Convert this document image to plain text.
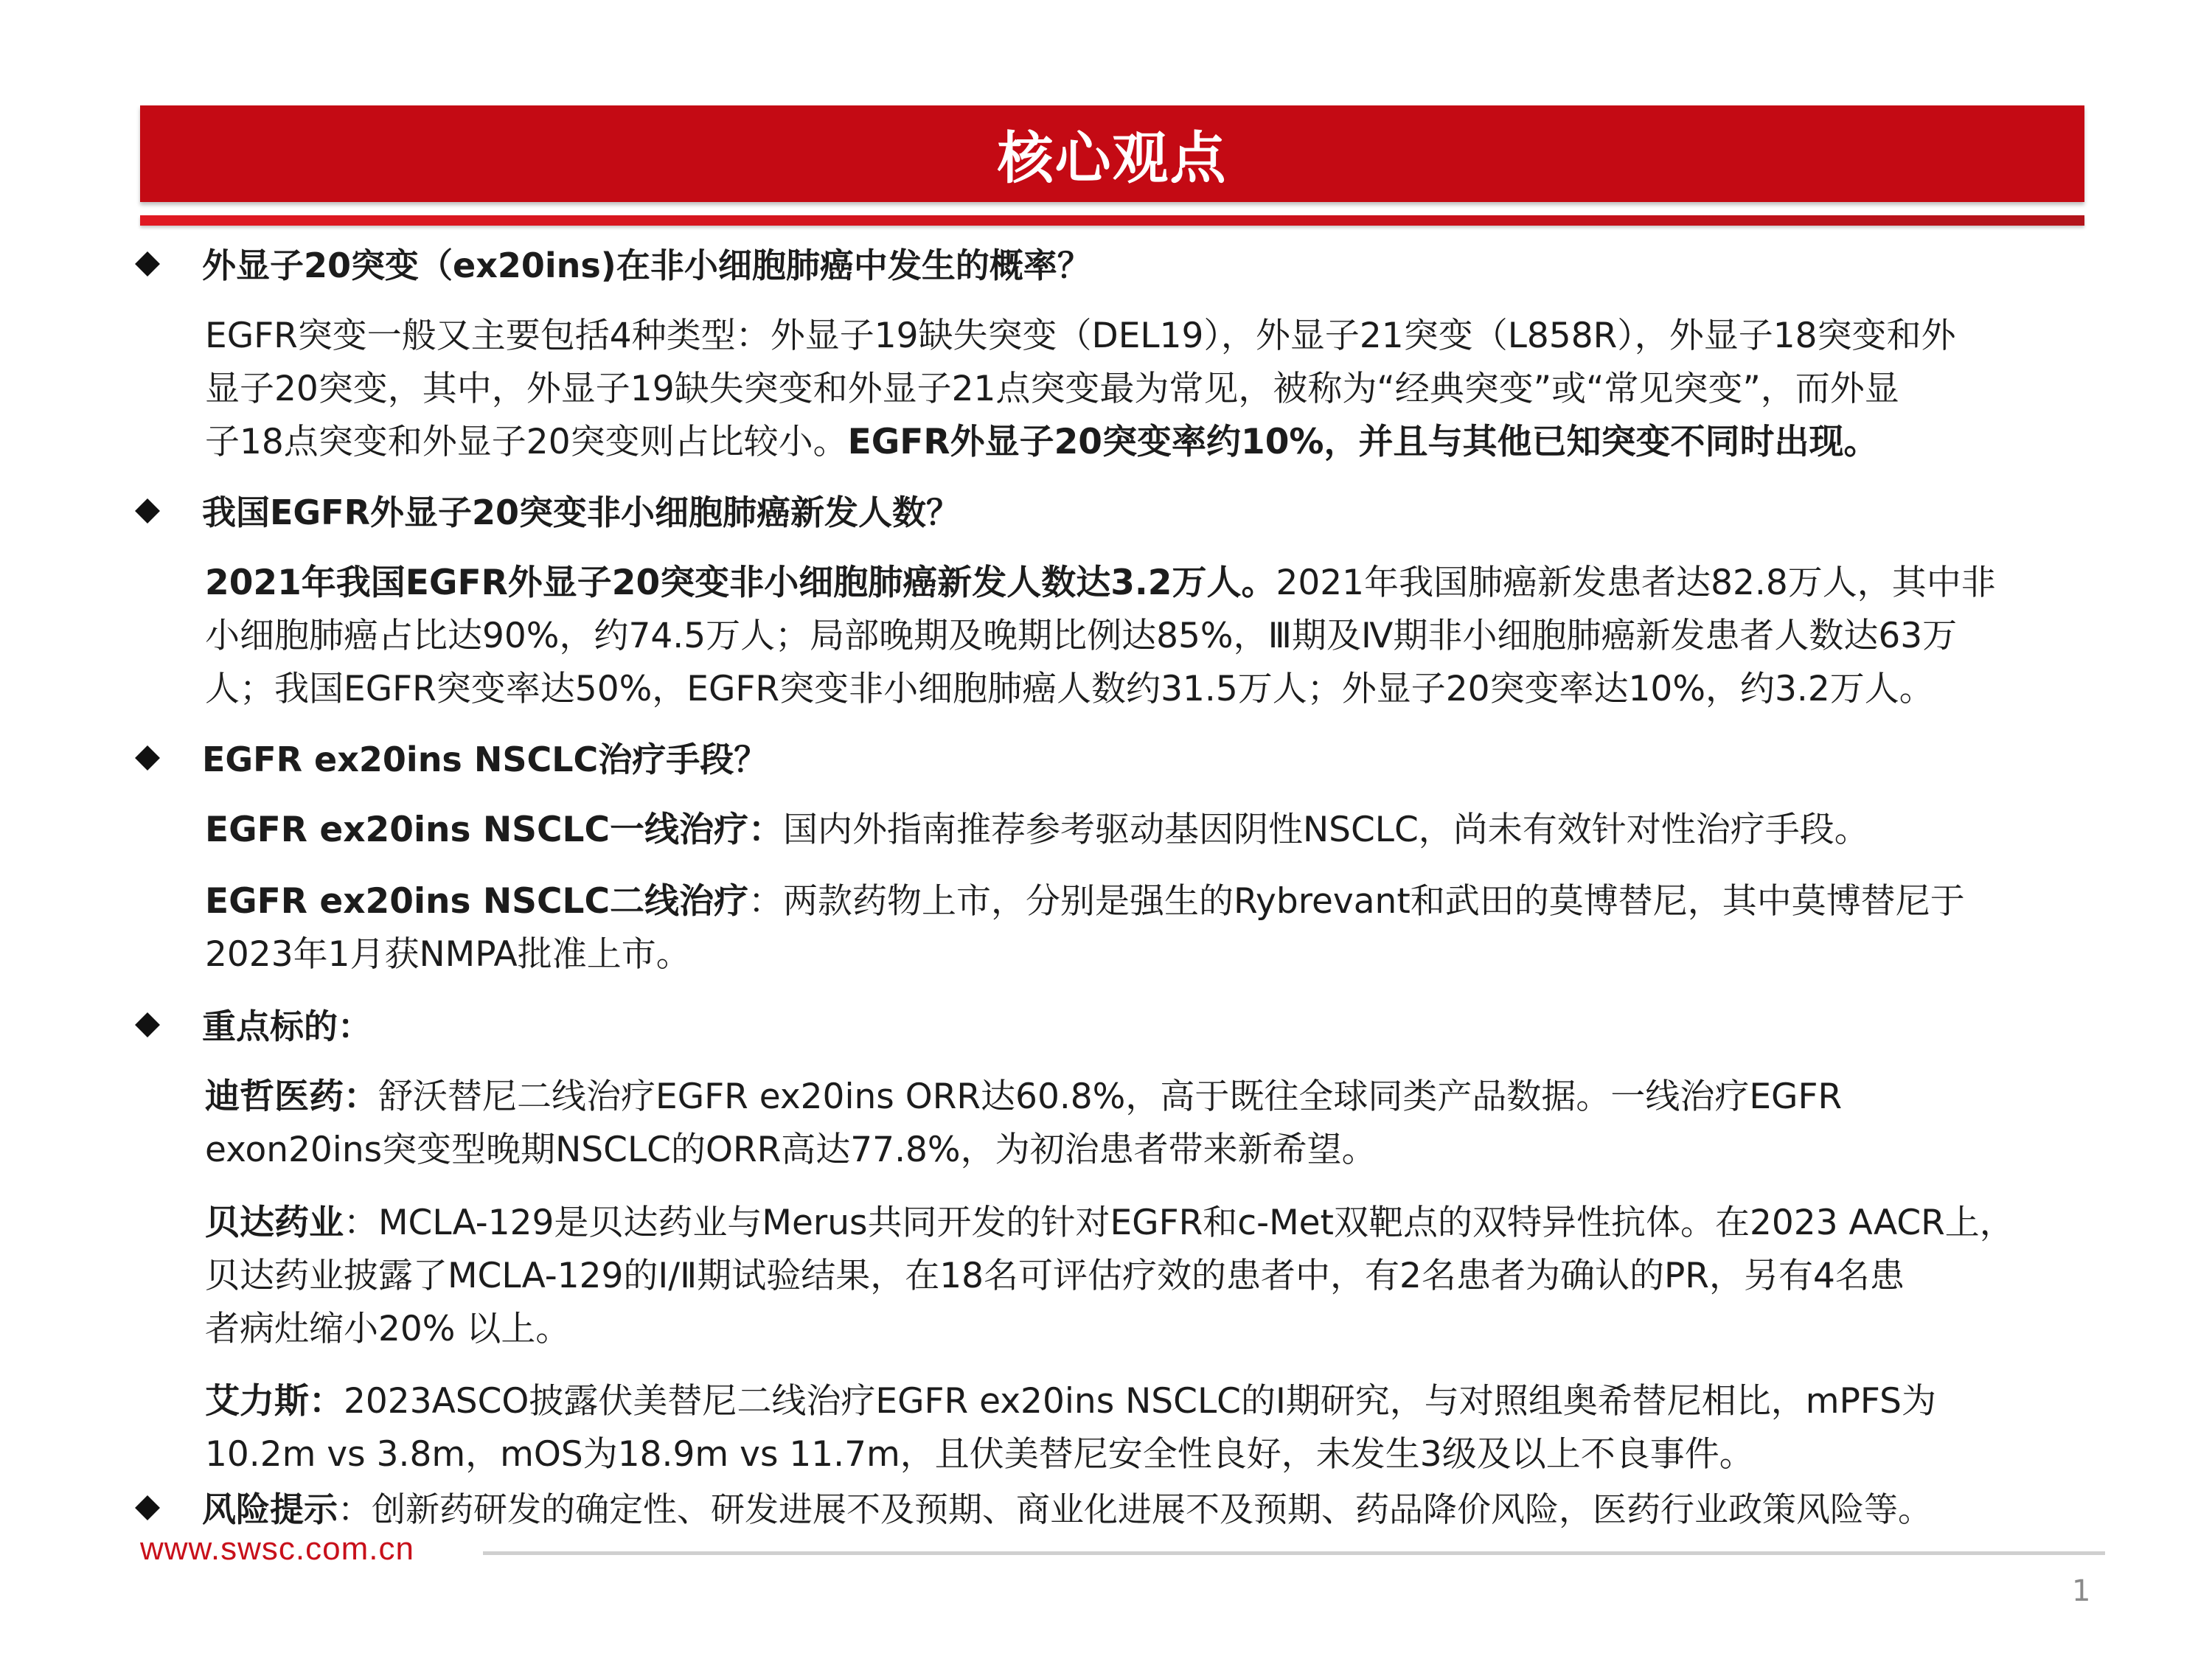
核心观点
外显子20突变（ex20ins)在非小细胞肺癌中发生的概率？
EGFR突变一般又主要包括4种类型：外显子19缺失突变（DEL19），外显子21突变（L858R），外显子18突变和外
显子20突变，其中，外显子19缺失突变和外显子21点突变最为常见，被称为“经典突变”或“常见突变”，而外显
子18点突变和外显子20突变则占比较小。EGFR外显子20突变率约10%，并且与其他已知突变不同时出现。
我国EGFR外显子20突变非小细胞肺癌新发人数？
2021年我国EGFR外显子20突变非小细胞肺癌新发人数达3.2万人。2021年我国肺癌新发患者达82.8万人，其中非
小细胞肺癌占比达90%，约74.5万人；局部晚期及晚期比例达85%，Ⅲ期及Ⅳ期非小细胞肺癌新发患者人数达63万
人；我国EGFR突变率达50%，EGFR突变非小细胞肺癌人数约31.5万人；外显子20突变率达10%，约3.2万人。
EGFR ex20ins NSCLC治疗手段？
EGFR ex20ins NSCLC一线治疗：国内外指南推荐参考驱动基因阴性NSCLC，尚未有效针对性治疗手段。
EGFR ex20ins NSCLC二线治疗：两款药物上市，分别是强生的Rybrevant和武田的莫博替尼，其中莫博替尼于
2023年1月获NMPA批准上市。
重点标的：
迪哲医药：舒沃替尼二线治疗EGFR ex20ins ORR达60.8%，高于既往全球同类产品数据。一线治疗EGFR
exon20ins突变型晚期NSCLC的ORR高达77.8%，为初治患者带来新希望。
贝达药业：MCLA-129是贝达药业与Merus共同开发的针对EGFR和c-Met双靶点的双特异性抗体。在2023 AACR上，
贝达药业披露了MCLA-129的Ⅰ/Ⅱ期试验结果，在18名可评估疗效的患者中，有2名患者为确认的PR，另有4名患
者病灶缩小20% 以上。
艾力斯：2023ASCO披露伏美替尼二线治疗EGFR ex20ins NSCLC的Ⅰ期研究，与对照组奥希替尼相比，mPFS为
10.2m vs 3.8m，mOS为18.9m vs 11.7m，且伏美替尼安全性良好，未发生3级及以上不良事件。
风险提示：创新药研发的确定性、研发进展不及预期、商业化进展不及预期、药品降价风险，医药行业政策风险等。
www.swsc.com.cn
1
